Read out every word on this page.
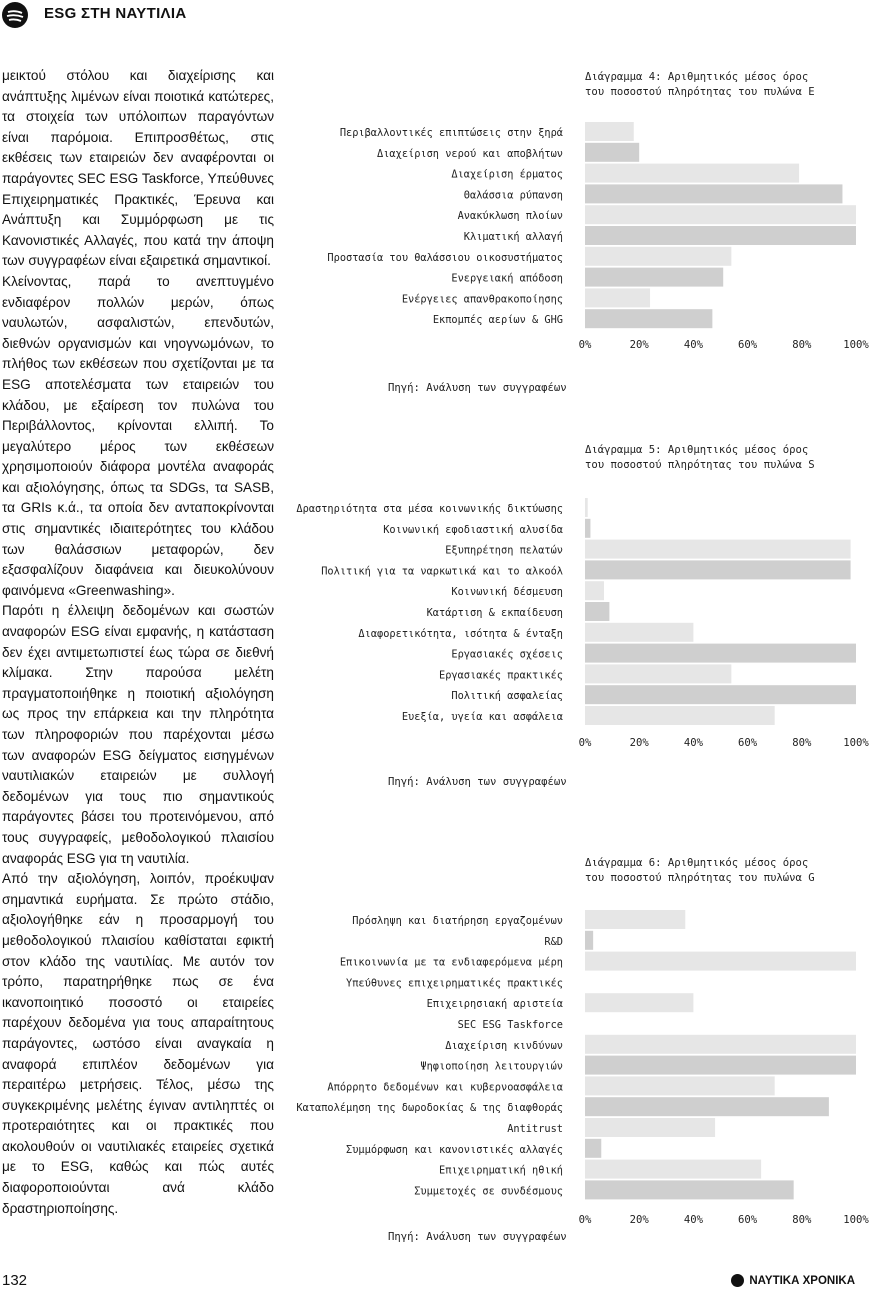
ESG ΣΤΗ ΝΑΥΤΙΛΙΑ

μεικτού στόλου και διαχείρισης και ανάπτυξης λιμένων είναι ποιοτικά κατώτερες, τα στοιχεία των υπόλοιπων παραγόντων είναι παρόμοια. Επιπροσθέτως, στις εκθέσεις των εταιρειών δεν αναφέρονται οι παράγοντες SEC ESG Taskforce, Υπεύθυνες Επιχειρηματικές Πρακτικές, Έρευνα και Ανάπτυξη και Συμμόρφωση με τις Κανονιστικές Αλλαγές, που κατά την άποψη των συγγραφέων είναι εξαιρετικά σημαντικοί.

Κλείνοντας, παρά το ανεπτυγμένο ενδιαφέρον πολλών μερών, όπως ναυλωτών, ασφαλιστών, επενδυτών, διεθνών οργανισμών και νηογνωμόνων, το πλήθος των εκθέσεων που σχετίζονται με τα ESG αποτελέσματα των εταιρειών του κλάδου, με εξαίρεση τον πυλώνα του Περιβάλλοντος, κρίνονται ελλιπή. Το μεγαλύτερο μέρος των εκθέσεων χρησιμοποιούν διάφορα μοντέλα αναφοράς και αξιολόγησης, όπως τα SDGs, τα SASB, τα GRIs κ.ά., τα οποία δεν ανταποκρίνονται στις σημαντικές ιδιαιτερότητες του κλάδου των θαλάσσιων μεταφορών, δεν εξασφαλίζουν διαφάνεια και διευκολύνουν φαινόμενα «Greenwashing».

Παρότι η έλλειψη δεδομένων και σωστών αναφορών ESG είναι εμφανής, η κατάσταση δεν έχει αντιμετωπιστεί έως τώρα σε διεθνή κλίμακα. Στην παρούσα μελέτη πραγματοποιήθηκε η ποιοτική αξιολόγηση ως προς την επάρκεια και την πληρότητα των πληροφοριών που παρέχονται μέσω των αναφορών ESG δείγματος εισηγμένων ναυτιλιακών εταιρειών με συλλογή δεδομένων για τους πιο σημαντικούς παράγοντες βάσει του προτεινόμενου, από τους συγγραφείς, μεθοδολογικού πλαισίου αναφοράς ESG για τη ναυτιλία.

Από την αξιολόγηση, λοιπόν, προέκυψαν σημαντικά ευρήματα. Σε πρώτο στάδιο, αξιολογήθηκε εάν η προσαρμογή του μεθοδολογικού πλαισίου καθίσταται εφικτή στον κλάδο της ναυτιλίας. Με αυτόν τον τρόπο, παρατηρήθηκε πως σε ένα ικανοποιητικό ποσοστό οι εταιρείες παρέχουν δεδομένα για τους απαραίτητους παράγοντες, ωστόσο είναι αναγκαία η αναφορά επιπλέον δεδομένων για περαιτέρω μετρήσεις. Τέλος, μέσω της συγκεκριμένης μελέτης έγιναν αντιληπτές οι προτεραιότητες και οι πρακτικές που ακολουθούν οι ναυτιλιακές εταιρείες σχετικά με το ESG, καθώς και πώς αυτές διαφοροποιούνται ανά κλάδο δραστηριοποίησης.

Διάγραμμα 4: Αριθμητικός μέσος όρος
του ποσοστού πληρότητας του πυλώνα E
Περιβαλλοντικές επιπτώσεις στην ξηρά
Διαχείριση νερού και αποβλήτων
Διαχείριση έρματος
Θαλάσσια ρύπανση
Ανακύκλωση πλοίων
Κλιματική αλλαγή
Προστασία του θαλάσσιου οικοσυστήματος
Ενεργειακή απόδοση
Ενέργειες απανθρακοποίησης
Εκπομπές αερίων & GHG
0%	20%	40%	60%	80%	100%
Πηγή: Ανάλυση των συγγραφέων
Διάγραμμα 5: Αριθμητικός μέσος όρος
του ποσοστού πληρότητας του πυλώνα S
Δραστηριότητα στα μέσα κοινωνικής δικτύωσης
Κοινωνική εφοδιαστική αλυσίδα
Εξυπηρέτηση πελατών
Πολιτική για τα ναρκωτικά και το αλκοόλ
Κοινωνική δέσμευση
Κατάρτιση & εκπαίδευση
Διαφορετικότητα, ισότητα & ένταξη
Εργασιακές σχέσεις
Εργασιακές πρακτικές
Πολιτική ασφαλείας
Ευεξία, υγεία και ασφάλεια
0%	20%	40%	60%	80%	100%
Πηγή: Ανάλυση των συγγραφέων
Διάγραμμα 6: Αριθμητικός μέσος όρος
του ποσοστού πληρότητας του πυλώνα G
Πρόσληψη και διατήρηση εργαζομένων
R&D
Επικοινωνία με τα ενδιαφερόμενα μέρη
Υπεύθυνες επιχειρηματικές πρακτικές
Επιχειρησιακή αριστεία
SEC ESG Taskforce
Διαχείριση κινδύνων
Ψηφιοποίηση λειτουργιών
Απόρρητο δεδομένων και κυβερνοασφάλεια
Καταπολέμηση της δωροδοκίας & της διαφθοράς
Antitrust
Συμμόρφωση και κανονιστικές αλλαγές
Επιχειρηματική ηθική
Συμμετοχές σε συνδέσμους
0%	20%	40%	60%	80%	100%
Πηγή: Ανάλυση των συγγραφέων
132	ΝΑΥΤΙΚΑ ΧΡΟΝΙΚΑ
